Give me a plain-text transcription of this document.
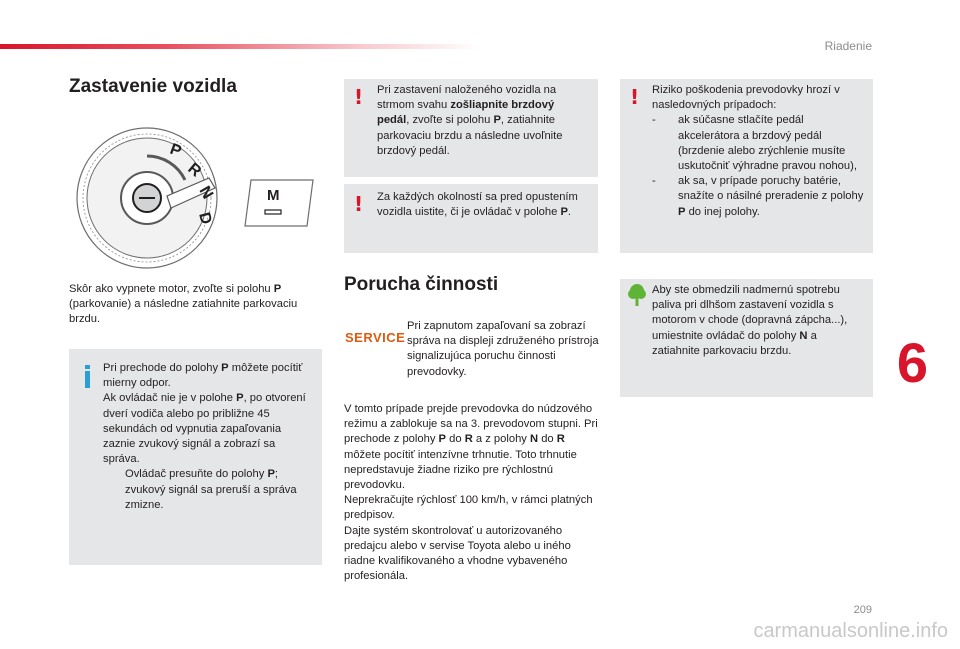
Riadenie
Zastavenie vozidla
P
R
N
D
M

Skôr ako vypnete motor, zvoľte si polohu P (parkovanie) a následne zatiahnite parkovaciu brzdu.

Pri prechode do polohy P môžete pocítiť mierny odpor.
Ak ovládač nie je v polohe P, po otvorení dverí vodiča alebo po približne 45 sekundách od vypnutia zapaľovania zaznie zvukový signál a zobrazí sa správa.
Ovládač presuňte do polohy P; zvukový signál sa preruší a správa zmizne.
! Pri zastavení naloženého vozidla na strmom svahu zošliapnite brzdový pedál, zvoľte si polohu P, zatiahnite parkovaciu brzdu a následne uvoľnite brzdový pedál.
! Za každých okolností sa pred opustením vozidla uistite, či je ovládač v polohe P.
Porucha činnosti
SERVICE

Pri zapnutom zapaľovaní sa zobrazí správa na displeji združeného prístroja signalizujúca poruchu činnosti prevodovky.

V tomto prípade prejde prevodovka do núdzového režimu a zablokuje sa na 3. prevodovom stupni. Pri prechode z polohy P do R a z polohy N do R môžete pocítiť intenzívne trhnutie. Toto trhnutie nepredstavuje žiadne riziko pre rýchlostnú prevodovku.
Neprekračujte rýchlosť 100 km/h, v rámci platných predpisov.
Dajte systém skontrolovať u autorizovaného predajcu alebo v servise Toyota alebo u iného riadne kvalifikovaného a vhodne vybaveného profesionála.

! Riziko poškodenia prevodovky hrozí v nasledovných prípadoch:
-	ak súčasne stlačíte pedál akcelerátora a brzdový pedál (brzdenie alebo zrýchlenie musíte uskutočniť výhradne pravou nohou),
-	ak sa, v prípade poruchy batérie, snažíte o násilné preradenie z polohy P do inej polohy.
Aby ste obmedzili nadmernú spotrebu paliva pri dlhšom zastavení vozidla s motorom v chode (dopravná zápcha...), umiestnite ovládač do polohy N a zatiahnite parkovaciu brzdu.	6
209
carmanualsonline.info
